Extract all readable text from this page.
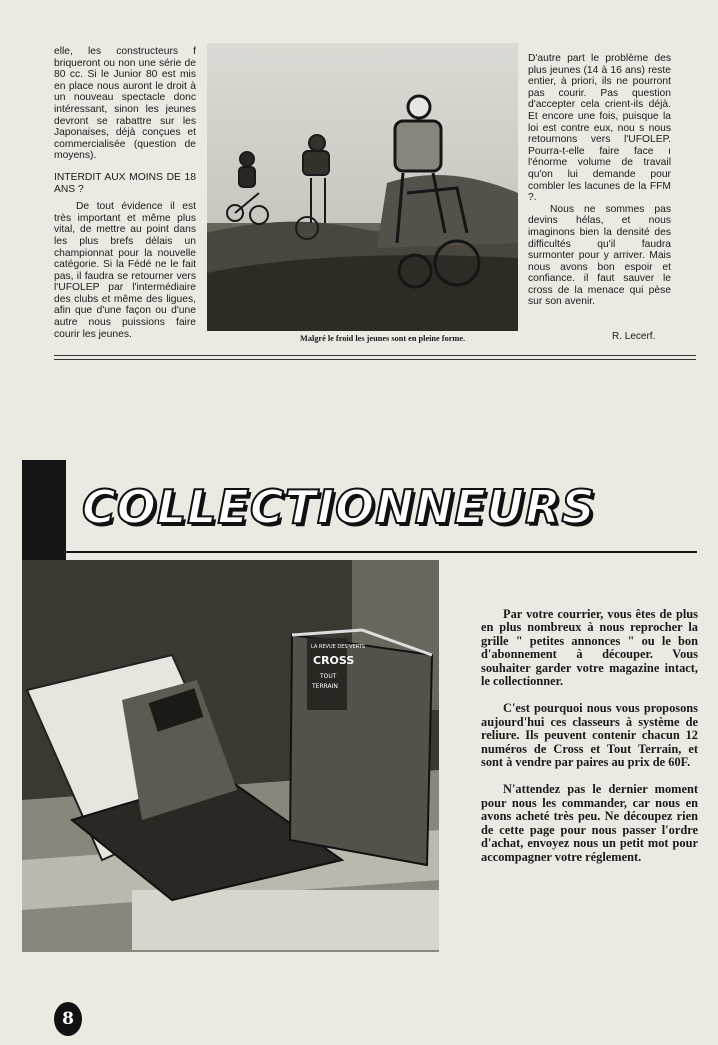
elle, les constructeurs f briqueront ou non une série de 80 cc. Si le Junior 80 est mis en place nous auront le droit à un nouveau spectacle donc intéressant, sinon les jeunes devront se rabattre sur les Japonaises, déjà conçues et commercialisée (question de moyens).

INTERDIT AUX MOINS DE 18 ANS ?

De tout évidence il est très important et même plus vital, de mettre au point dans les plus brefs délais un championnat pour la nouvelle catégorie. Si la Fédé ne le fait pas, il faudra se retourner vers l'UFOLEP par l'intermédiaire des clubs et même des ligues, afin que d'une façon ou d'une autre nous puissions faire courir les jeunes.	Malgré le froid les jeunes sont en pleine forme.

D'autre part le problème des plus jeunes (14 à 16 ans) reste entier, à priori, ils ne pourront pas courir. Pas question d'accepter cela crient-ils déjà. Et encore une fois, puisque la loi est contre eux, nou s nous retournons vers l'UFOLEP. Pourra-t-elle faire face ı l'énorme volume de travail qu'on lui demande pour combler les lacunes de la FFM ?.

Nous ne sommes pas devins hélas, et nous imaginons bien la densité des difficultés qu'il faudra surmonter pour y arriver. Mais nous avons bon espoir et confiance. il faut sauver le cross de la menace qui pèse sur son avenir.

R. Lecerf.
COLLECTIONNEURS
LA REVUE DES VERTS
CROSS
TOUT
TERRAIN

Par votre courrier, vous êtes de plus en plus nombreux à nous reprocher la grille " petites annonces " ou le bon d'abonnement à découper. Vous souhaiter garder votre magazine intact, le collectionner.

C'est pourquoi nous vous proposons aujourd'hui ces classeurs à système de reliure. Ils peuvent contenir chacun 12 numéros de Cross et Tout Terrain, et sont à vendre par paires au prix de 60F.

N'attendez pas le dernier moment pour nous les commander, car nous en avons acheté très peu. Ne découpez rien de cette page pour nous passer l'ordre d'achat, envoyez nous un petit mot pour accompagner votre réglement.

8
